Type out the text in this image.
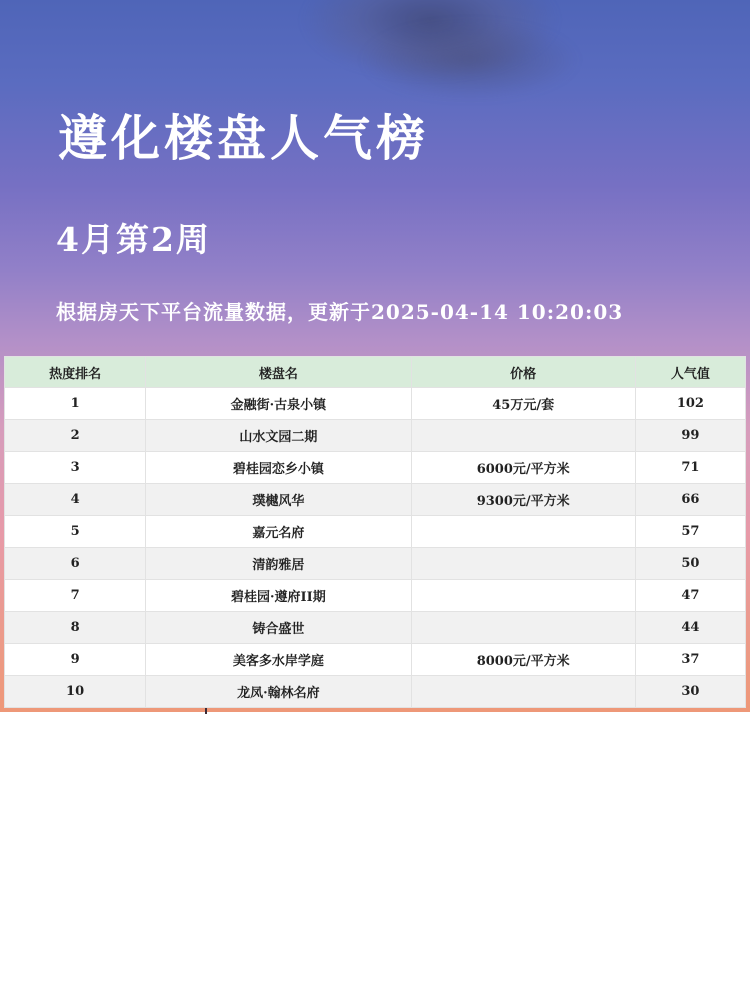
遵化楼盘人气榜
4月第2周
根据房天下平台流量数据，更新于2025-04-14 10:20:03
热度排名	楼盘名	价格	人气值
1	金融街·古泉小镇	45万元/套	102
2	山水文园二期		99
3	碧桂园恋乡小镇	6000元/平方米	71
4	璞樾风华	9300元/平方米	66
5	嘉元名府		57
6	清韵雅居		50
7	碧桂园·遵府II期		47
8	铸合盛世		44
9	美客多水岸学庭	8000元/平方米	37
10	龙凤·翰林名府		30
